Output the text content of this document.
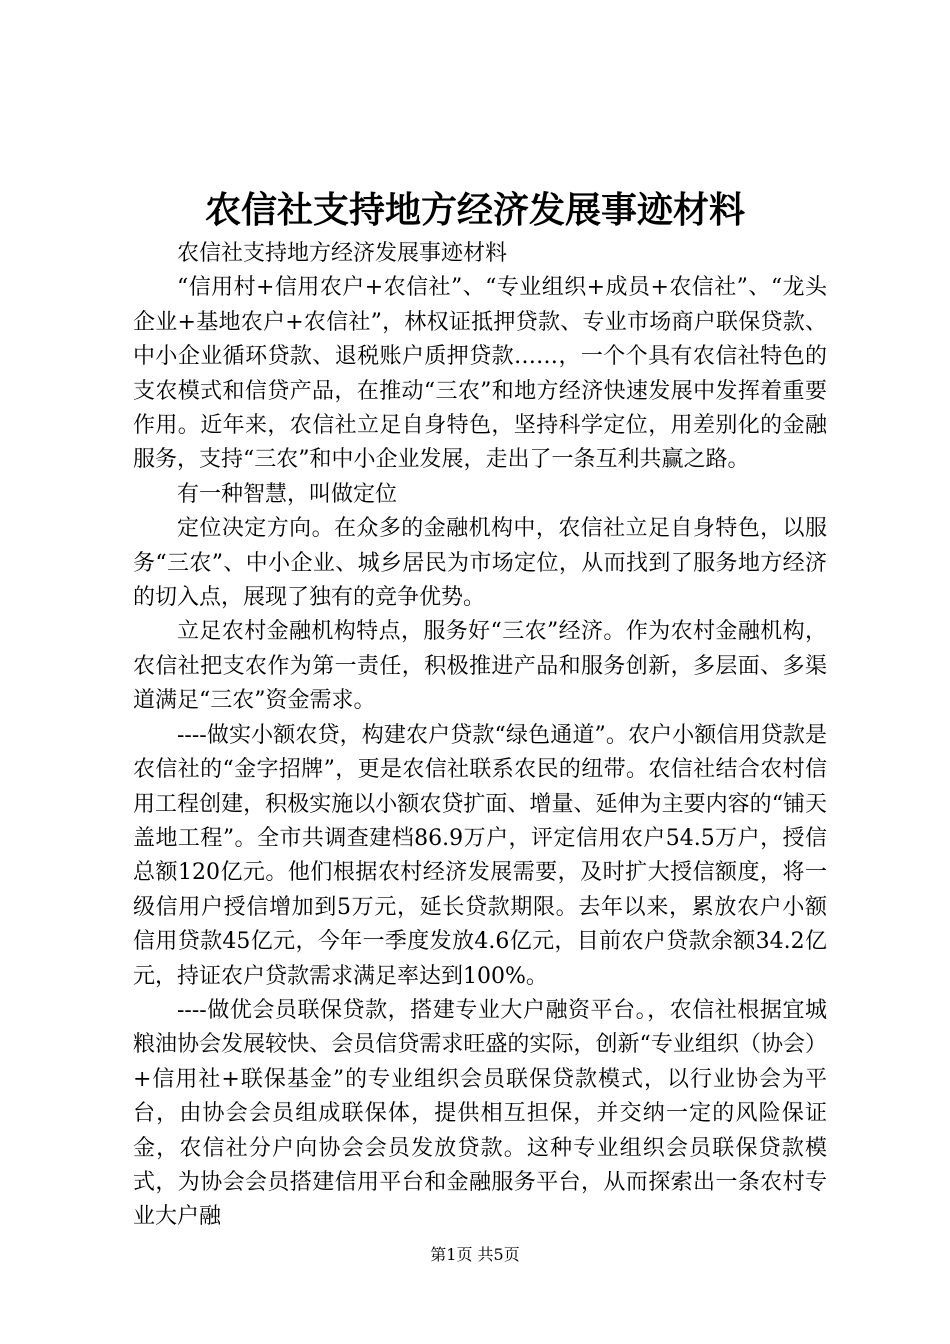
农信社支持地方经济发展事迹材料

农信社支持地方经济发展事迹材料

“信用村+信用农户+农信社”、“专业组织+成员+农信社”、“龙头企业+基地农户+农信社”，林权证抵押贷款、专业市场商户联保贷款、中小企业循环贷款、退税账户质押贷款……，一个个具有农信社特色的支农模式和信贷产品，在推动“三农”和地方经济快速发展中发挥着重要作用。近年来，农信社立足自身特色，坚持科学定位，用差别化的金融服务，支持“三农”和中小企业发展，走出了一条互利共赢之路。

有一种智慧，叫做定位

定位决定方向。在众多的金融机构中，农信社立足自身特色，以服务“三农”、中小企业、城乡居民为市场定位，从而找到了服务地方经济的切入点，展现了独有的竞争优势。

立足农村金融机构特点，服务好“三农”经济。作为农村金融机构，农信社把支农作为第一责任，积极推进产品和服务创新，多层面、多渠道满足“三农”资金需求。

----做实小额农贷，构建农户贷款“绿色通道”。农户小额信用贷款是农信社的“金字招牌”，更是农信社联系农民的纽带。农信社结合农村信用工程创建，积极实施以小额农贷扩面、增量、延伸为主要内容的“铺天盖地工程”。全市共调查建档86.9万户，评定信用农户54.5万户，授信总额120亿元。他们根据农村经济发展需要，及时扩大授信额度，将一级信用户授信增加到5万元，延长贷款期限。去年以来，累放农户小额信用贷款45亿元，今年一季度发放4.6亿元，目前农户贷款余额34.2亿元，持证农户贷款需求满足率达到100%。

----做优会员联保贷款，搭建专业大户融资平台。，农信社根据宜城粮油协会发展较快、会员信贷需求旺盛的实际，创新“专业组织（协会）+信用社+联保基金”的专业组织会员联保贷款模式，以行业协会为平台，由协会会员组成联保体，提供相互担保，并交纳一定的风险保证金，农信社分户向协会会员发放贷款。这种专业组织会员联保贷款模式，为协会会员搭建信用平台和金融服务平台，从而探索出一条农村专业大户融

第1页 共5页
